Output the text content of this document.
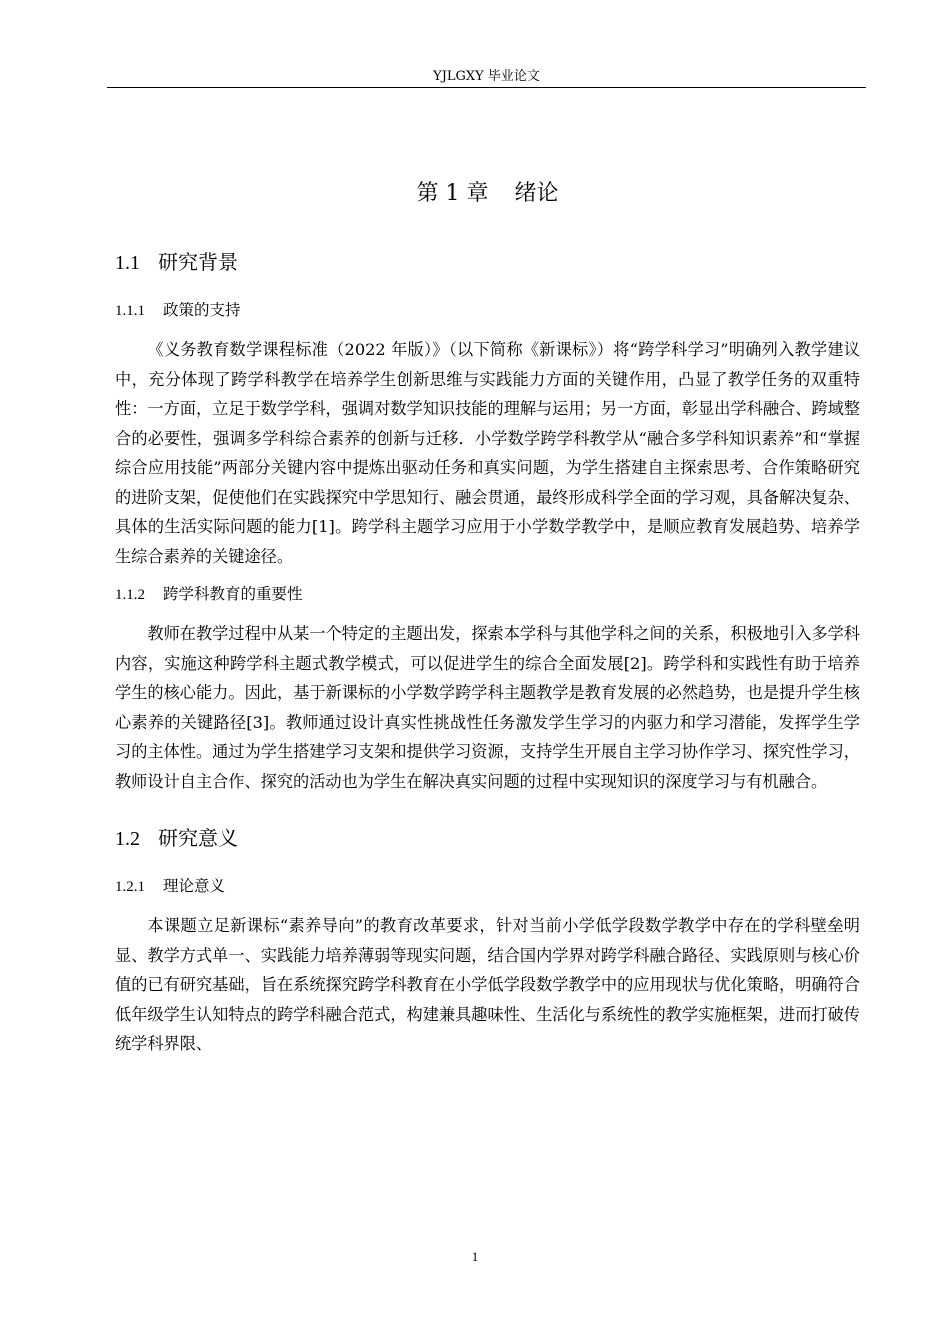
YJLGXY 毕业论文
第 1 章 绪论
1.1 研究背景
1.1.1 政策的支持

《义务教育数学课程标准（2022 年版）》（以下简称《新课标》）将“跨学科学习”明确列入教学建议中，充分体现了跨学科教学在培养学生创新思维与实践能力方面的关键作用，凸显了教学任务的双重特性：一方面，立足于数学学科，强调对数学知识技能的理解与运用；另一方面，彰显出学科融合、跨域整合的必要性，强调多学科综合素养的创新与迁移．小学数学跨学科教学从“融合多学科知识素养”和“掌握综合应用技能”两部分关键内容中提炼出驱动任务和真实问题，为学生搭建自主探索思考、合作策略研究的进阶支架，促使他们在实践探究中学思知行、融会贯通，最终形成科学全面的学习观，具备解决复杂、具体的生活实际问题的能力[1]。跨学科主题学习应用于小学数学教学中，是顺应教育发展趋势、培养学生综合素养的关键途径。

1.1.2 跨学科教育的重要性

教师在教学过程中从某一个特定的主题出发，探索本学科与其他学科之间的关系，积极地引入多学科内容，实施这种跨学科主题式教学模式，可以促进学生的综合全面发展[2]。跨学科和实践性有助于培养学生的核心能力。因此，基于新课标的小学数学跨学科主题教学是教育发展的必然趋势，也是提升学生核心素养的关键路径[3]。教师通过设计真实性挑战性任务激发学生学习的内驱力和学习潜能，发挥学生学习的主体性。通过为学生搭建学习支架和提供学习资源，支持学生开展自主学习协作学习、探究性学习，教师设计自主合作、探究的活动也为学生在解决真实问题的过程中实现知识的深度学习与有机融合。

1.2 研究意义
1.2.1 理论意义

本课题立足新课标“素养导向”的教育改革要求，针对当前小学低学段数学教学中存在的学科壁垒明显、教学方式单一、实践能力培养薄弱等现实问题，结合国内学界对跨学科融合路径、实践原则与核心价值的已有研究基础，旨在系统探究跨学科教育在小学低学段数学教学中的应用现状与优化策略，明确符合低年级学生认知特点的跨学科融合范式，构建兼具趣味性、生活化与系统性的教学实施框架，进而打破传统学科界限、

1
